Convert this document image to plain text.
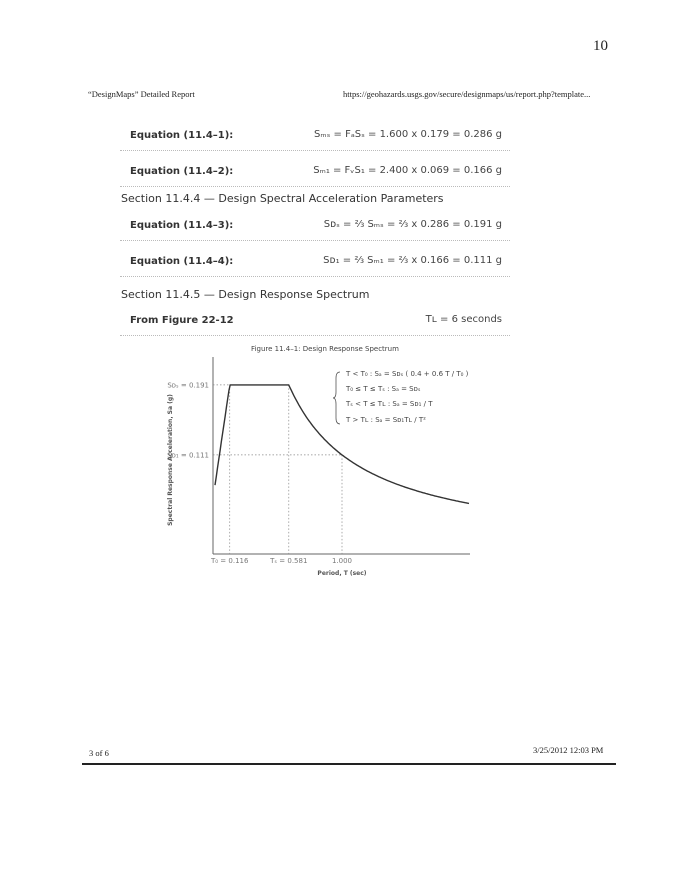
10
“DesignMaps” Detailed Report	https://geohazards.usgs.gov/secure/designmaps/us/report.php?template...
Equation (11.4–1):	Sₘₛ = FₐSₛ = 1.600 x 0.179 = 0.286 g
Equation (11.4–2):	Sₘ₁ = FᵥS₁ = 2.400 x 0.069 = 0.166 g
Section 11.4.4 — Design Spectral Acceleration Parameters
Equation (11.4–3):	Sᴅₛ = ⅔ Sₘₛ = ⅔ x 0.286 = 0.191 g
Equation (11.4–4):	Sᴅ₁ = ⅔ Sₘ₁ = ⅔ x 0.166 = 0.111 g
Section 11.4.5 — Design Response Spectrum
From Figure 22-12	Tʟ = 6 seconds
Figure 11.4–1: Design Response Spectrum
Spectral Response Acceleration, Sa (g)
Period, T (sec)
T₀ = 0.116	Tₛ = 0.581	1.000
Sᴅₛ = 0.191
Sᴅ₁ = 0.111
T < T₀ : Sₐ = Sᴅₛ ( 0.4 + 0.6 T / T₀ )
T₀ ≤ T ≤ Tₛ : Sₐ = Sᴅₛ
Tₛ < T ≤ Tʟ : Sₐ = Sᴅ₁ / T
T > Tʟ : Sₐ = Sᴅ₁Tʟ / T²
3 of 6	3/25/2012 12:03 PM
